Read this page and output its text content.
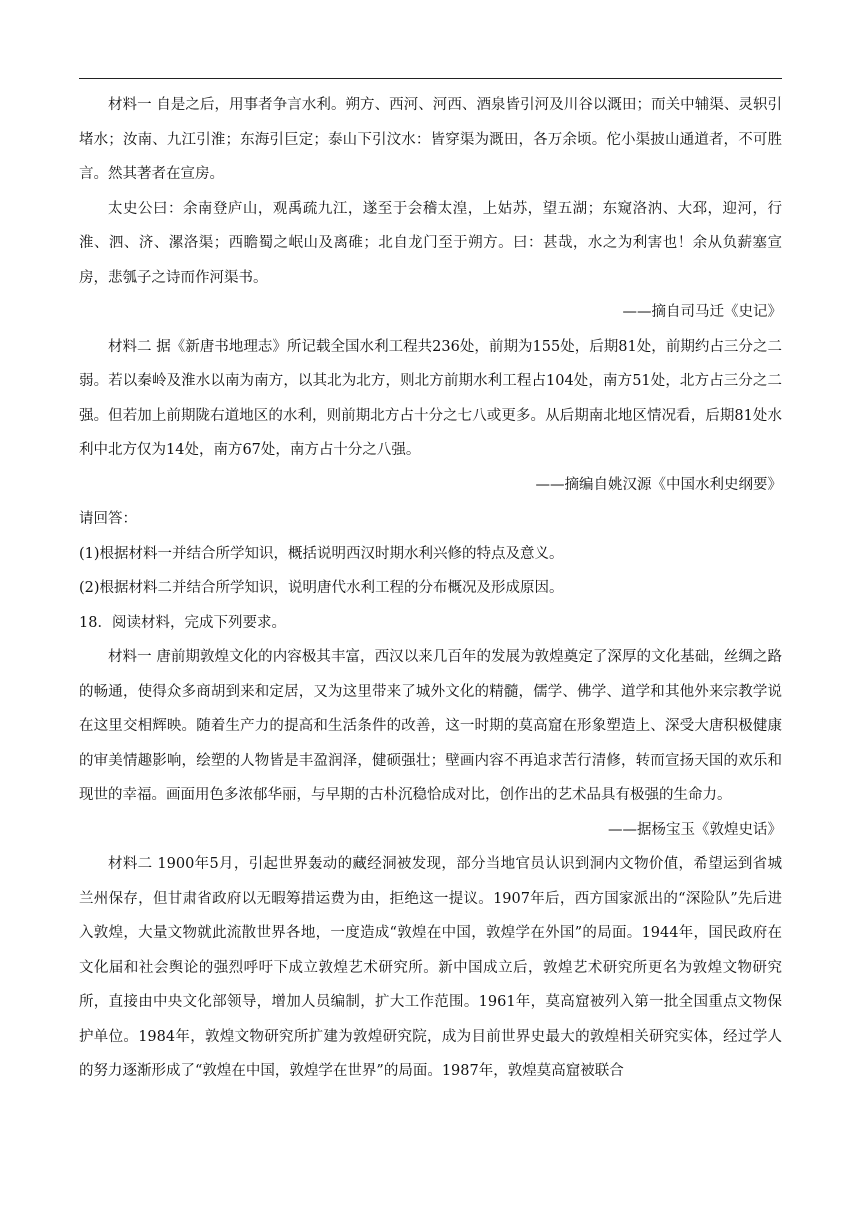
材料一 自是之后，用事者争言水利。朔方、西河、河西、酒泉皆引河及川谷以溉田；而关中辅渠、灵轵引堵水；汝南、九江引淮；东海引巨定；泰山下引汶水：皆穿渠为溉田，各万余顷。佗小渠披山通道者，不可胜言。然其著者在宣房。

太史公曰：余南登庐山，观禹疏九江，遂至于会稽太湟，上姑苏，望五湖；东窥洛汭、大邳，迎河，行淮、泗、济、漯洛渠；西瞻蜀之岷山及离碓；北自龙门至于朔方。曰：甚哉，水之为利害也！余从负薪塞宣房，悲瓠子之诗而作河渠书。

——摘自司马迁《史记》

材料二 据《新唐书地理志》所记载全国水利工程共236处，前期为155处，后期81处，前期约占三分之二弱。若以秦岭及淮水以南为南方，以其北为北方，则北方前期水利工程占104处，南方51处，北方占三分之二强。但若加上前期陇右道地区的水利，则前期北方占十分之七八或更多。从后期南北地区情况看，后期81处水利中北方仅为14处，南方67处，南方占十分之八强。

——摘编自姚汉源《中国水利史纲要》

请回答：

(1)根据材料一并结合所学知识，概括说明西汉时期水利兴修的特点及意义。

(2)根据材料二并结合所学知识，说明唐代水利工程的分布概况及形成原因。

18．阅读材料，完成下列要求。

材料一 唐前期敦煌文化的内容极其丰富，西汉以来几百年的发展为敦煌奠定了深厚的文化基础，丝绸之路的畅通，使得众多商胡到来和定居，又为这里带来了城外文化的精髓，儒学、佛学、道学和其他外来宗教学说在这里交相辉映。随着生产力的提高和生活条件的改善，这一时期的莫高窟在形象塑造上、深受大唐积极健康的审美情趣影响，绘塑的人物皆是丰盈润泽，健硕强壮；壁画内容不再追求苦行清修，转而宣扬天国的欢乐和现世的幸福。画面用色多浓郁华丽，与早期的古朴沉稳恰成对比，创作出的艺术品具有极强的生命力。

——据杨宝玉《敦煌史话》

材料二 1900年5月，引起世界轰动的藏经洞被发现，部分当地官员认识到洞内文物价值，希望运到省城兰州保存，但甘肃省政府以无暇筹措运费为由，拒绝这一提议。1907年后，西方国家派出的“深险队”先后进入敦煌，大量文物就此流散世界各地，一度造成“敦煌在中国，敦煌学在外国”的局面。1944年，国民政府在文化届和社会舆论的强烈呼吁下成立敦煌艺术研究所。新中国成立后，敦煌艺术研究所更名为敦煌文物研究所，直接由中央文化部领导，增加人员编制，扩大工作范围。1961年，莫高窟被列入第一批全国重点文物保护单位。1984年，敦煌文物研究所扩建为敦煌研究院，成为目前世界史最大的敦煌相关研究实体，经过学人的努力逐渐形成了“敦煌在中国，敦煌学在世界”的局面。1987年，敦煌莫高窟被联合
